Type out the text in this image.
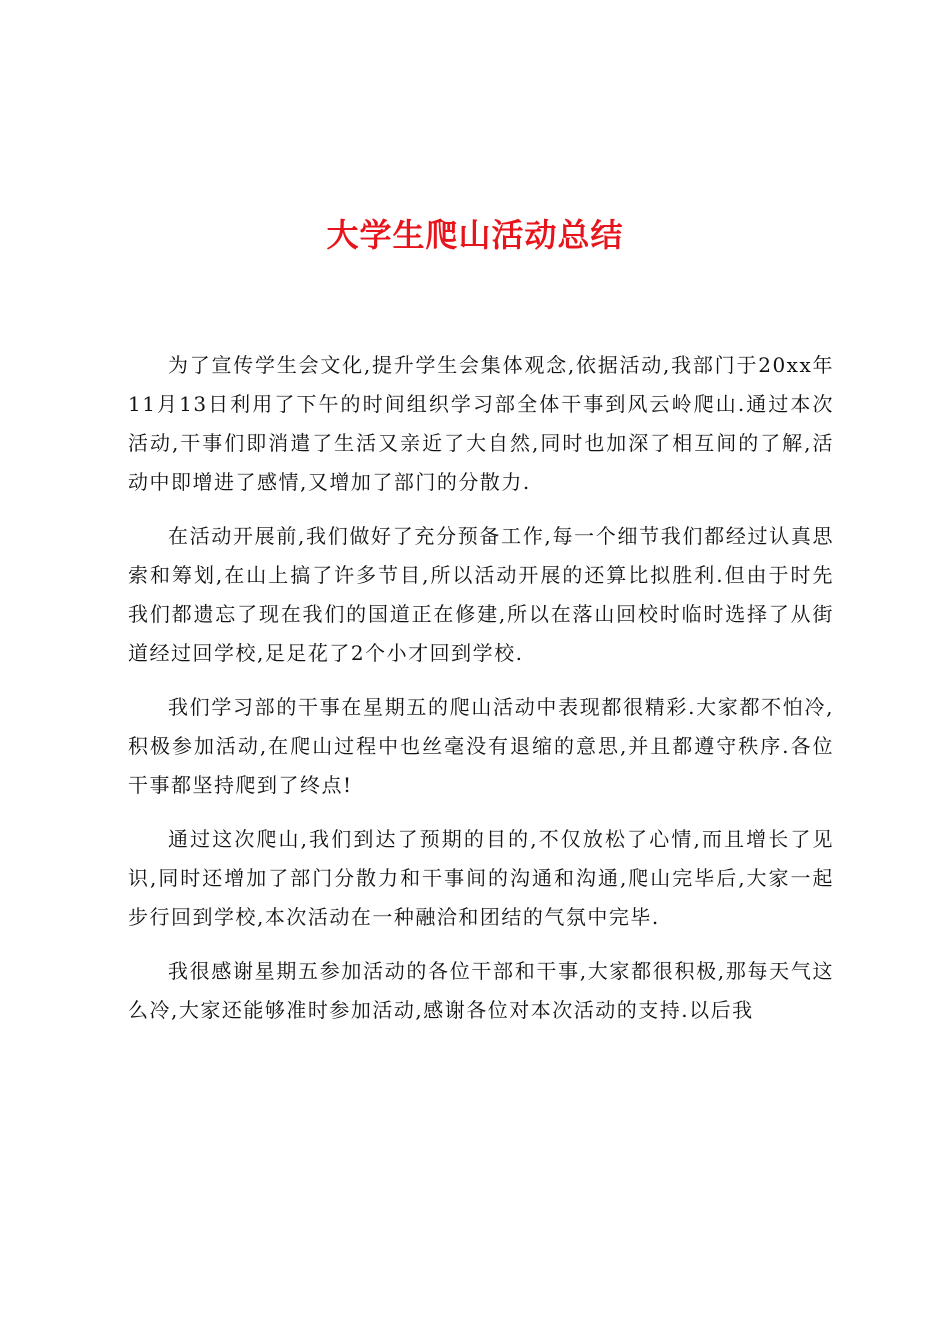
大学生爬山活动总结

为了宣传学生会文化,提升学生会集体观念,依据活动,我部门于20xx年11月13日利用了下午的时间组织学习部全体干事到风云岭爬山.通过本次活动,干事们即消遣了生活又亲近了大自然,同时也加深了相互间的了解,活动中即增进了感情,又增加了部门的分散力.

在活动开展前,我们做好了充分预备工作,每一个细节我们都经过认真思索和筹划,在山上搞了许多节目,所以活动开展的还算比拟胜利.但由于时先我们都遗忘了现在我们的国道正在修建,所以在落山回校时临时选择了从街道经过回学校,足足花了2个小才回到学校.

我们学习部的干事在星期五的爬山活动中表现都很精彩.大家都不怕冷,积极参加活动,在爬山过程中也丝毫没有退缩的意思,并且都遵守秩序.各位干事都坚持爬到了终点!

通过这次爬山,我们到达了预期的目的,不仅放松了心情,而且增长了见识,同时还增加了部门分散力和干事间的沟通和沟通,爬山完毕后,大家一起步行回到学校,本次活动在一种融洽和团结的气氛中完毕.

我很感谢星期五参加活动的各位干部和干事,大家都很积极,那每天气这么冷,大家还能够准时参加活动,感谢各位对本次活动的支持.以后我
